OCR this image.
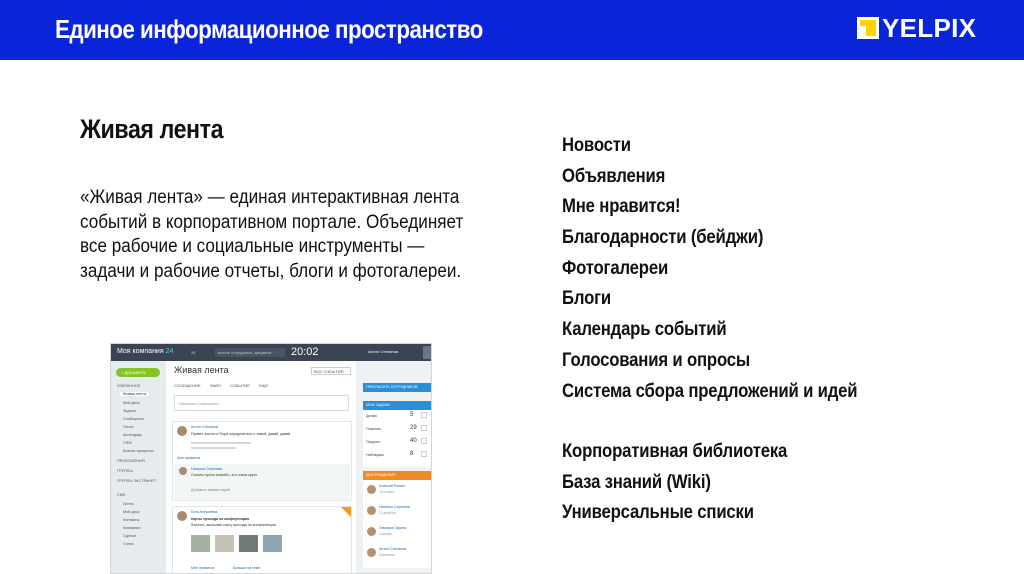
Единое информационное пространство	YELPIX
Живая лента
«Живая лента» — единая интерактивная лента событий в корпоративном портале. Объединяет все рабочие и социальные инструменты — задачи и рабочие отчеты, блоги и фотогалереи.
Новости
Объявления
Мне нравится!
Благодарности (бейджи)
Фотогалереи
Блоги
Календарь событий
Голосования и опросы
Система сбора предложений и идей
Корпоративная библиотека
База знаний (Wiki)
Универсальные списки
Моя компания 24	26	искать сотрудника, документ	20:02	Антон Степанов
+ ДОБАВИТЬ
ИЗБРАННОЕ
Живая лента
Мой Диск
Задачи
Сообщения
Почта
Календарь
CRM
Бизнес-процессы
ПРИЛОЖЕНИЯ
ГРУППЫ
ГРУППЫ ЭКСТРАНЕТ
CMS
Лента
Мой диск
Контакты
Компании
Сделки
Счета
Живая лента	ВСЕ СОБЫТИЯ
СООБЩЕНИЕ ФАЙЛ СОБЫТИЕ ЕЩЕ
Написать сообщение...
Антон Степанов
Привет, коллеги! Пора определиться с темой, давай, давай
Мне нравится
Наталья Сергеева
Сильно нужно спасибо, это очень круто
Добавить комментарий
Юля Алексеева
Карты прохода на конференцию
Коллеги, высылаю карту прохода на конференцию
Мне нравится	Больше на теме
ПРИГЛАСИТЬ СОТРУДНИКОВ
МОИ ЗАДАЧИ
Делаю	5
Помогаю	29
Поручил	40
Наблюдаю	8
ДНИ РОЖДЕНИЯ
Алексей Ромин
18 ноября
Наталья Сергеева
22 декабря
Эльвира Гарина
3 января
Антон Степанов
8 февраля
